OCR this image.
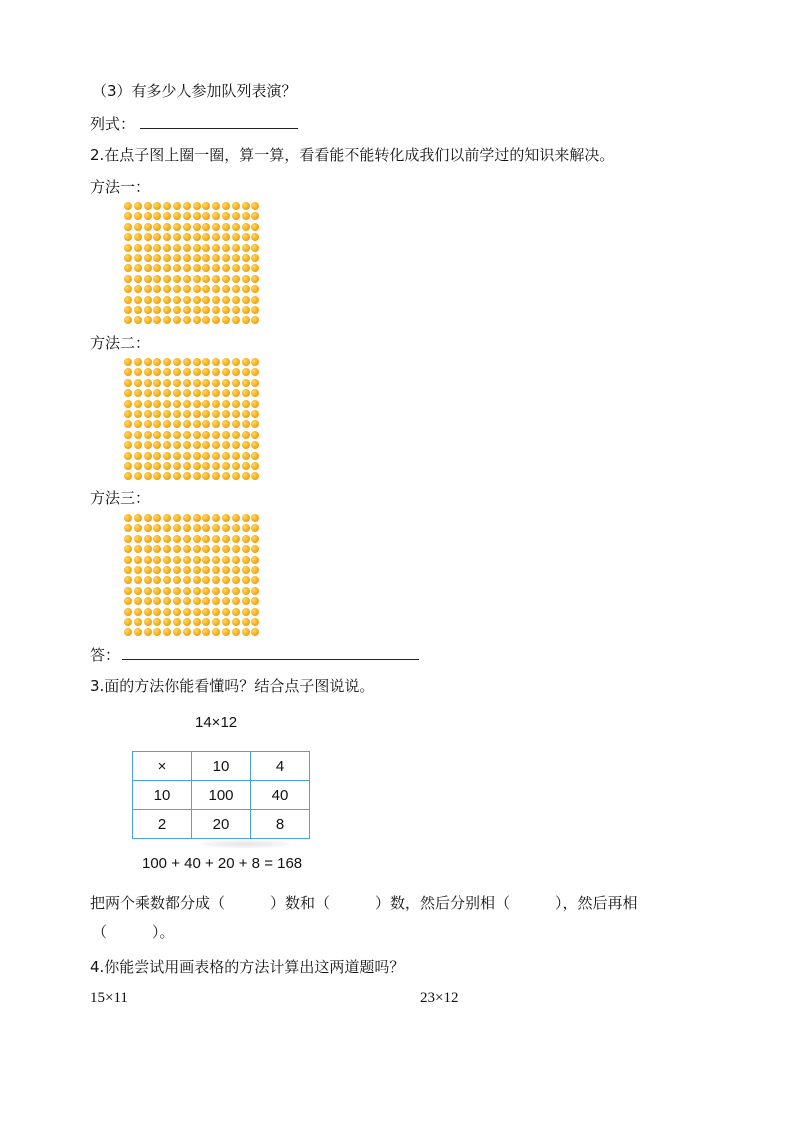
（3）有多少人参加队列表演？
列式：
2.在点子图上圈一圈，算一算，看看能不能转化成我们以前学过的知识来解决。
方法一：
方法二：
方法三：
答：
3.面的方法你能看懂吗？结合点子图说说。
14×12
×	10	4
10	100	40
2	20	8
100 + 40 + 20 + 8 = 168
把两个乘数都分成（　　　）数和（　　　）数，然后分别相（　　　），然后再相
（　　　）。
4.你能尝试用画表格的方法计算出这两道题吗？
15×11	23×12
